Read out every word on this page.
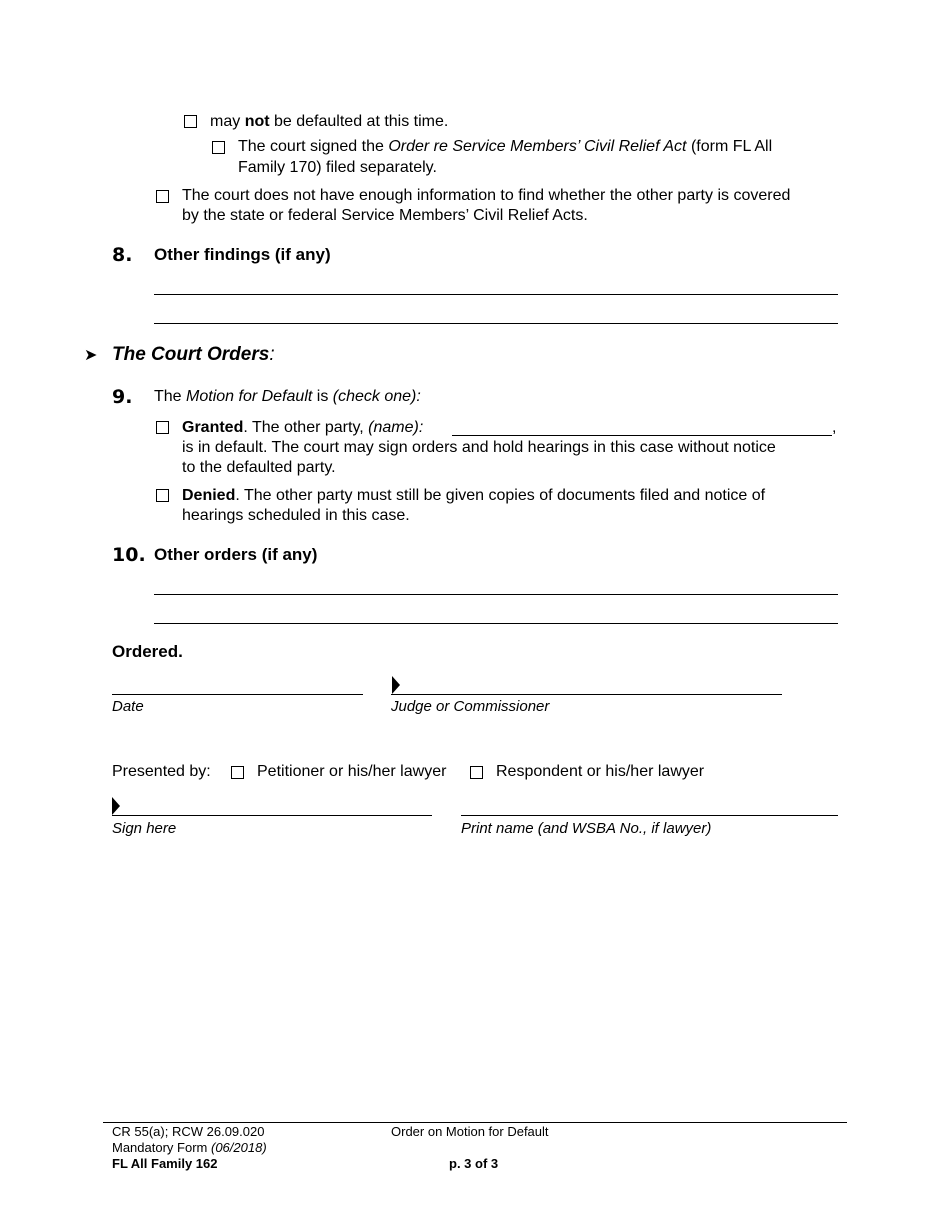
may not be defaulted at this time.
The court signed the Order re Service Members’ Civil Relief Act (form FL All
Family 170) filed separately.
The court does not have enough information to find whether the other party is covered
by the state or federal Service Members’ Civil Relief Acts.
8. Other findings (if any)
➤ The Court Orders:
9. The Motion for Default is (check one):
Granted. The other party, (name):	,
is in default. The court may sign orders and hold hearings in this case without notice
to the defaulted party.
Denied. The other party must still be given copies of documents filed and notice of
hearings scheduled in this case.
10. Other orders (if any)
Ordered.
Date	Judge or Commissioner
Presented by:	Petitioner or his/her lawyer	Respondent or his/her lawyer
Sign here	Print name (and WSBA No., if lawyer)
CR 55(a); RCW 26.09.020
Mandatory Form (06/2018)
FL All Family 162
Order on Motion for Default
p. 3 of 3
